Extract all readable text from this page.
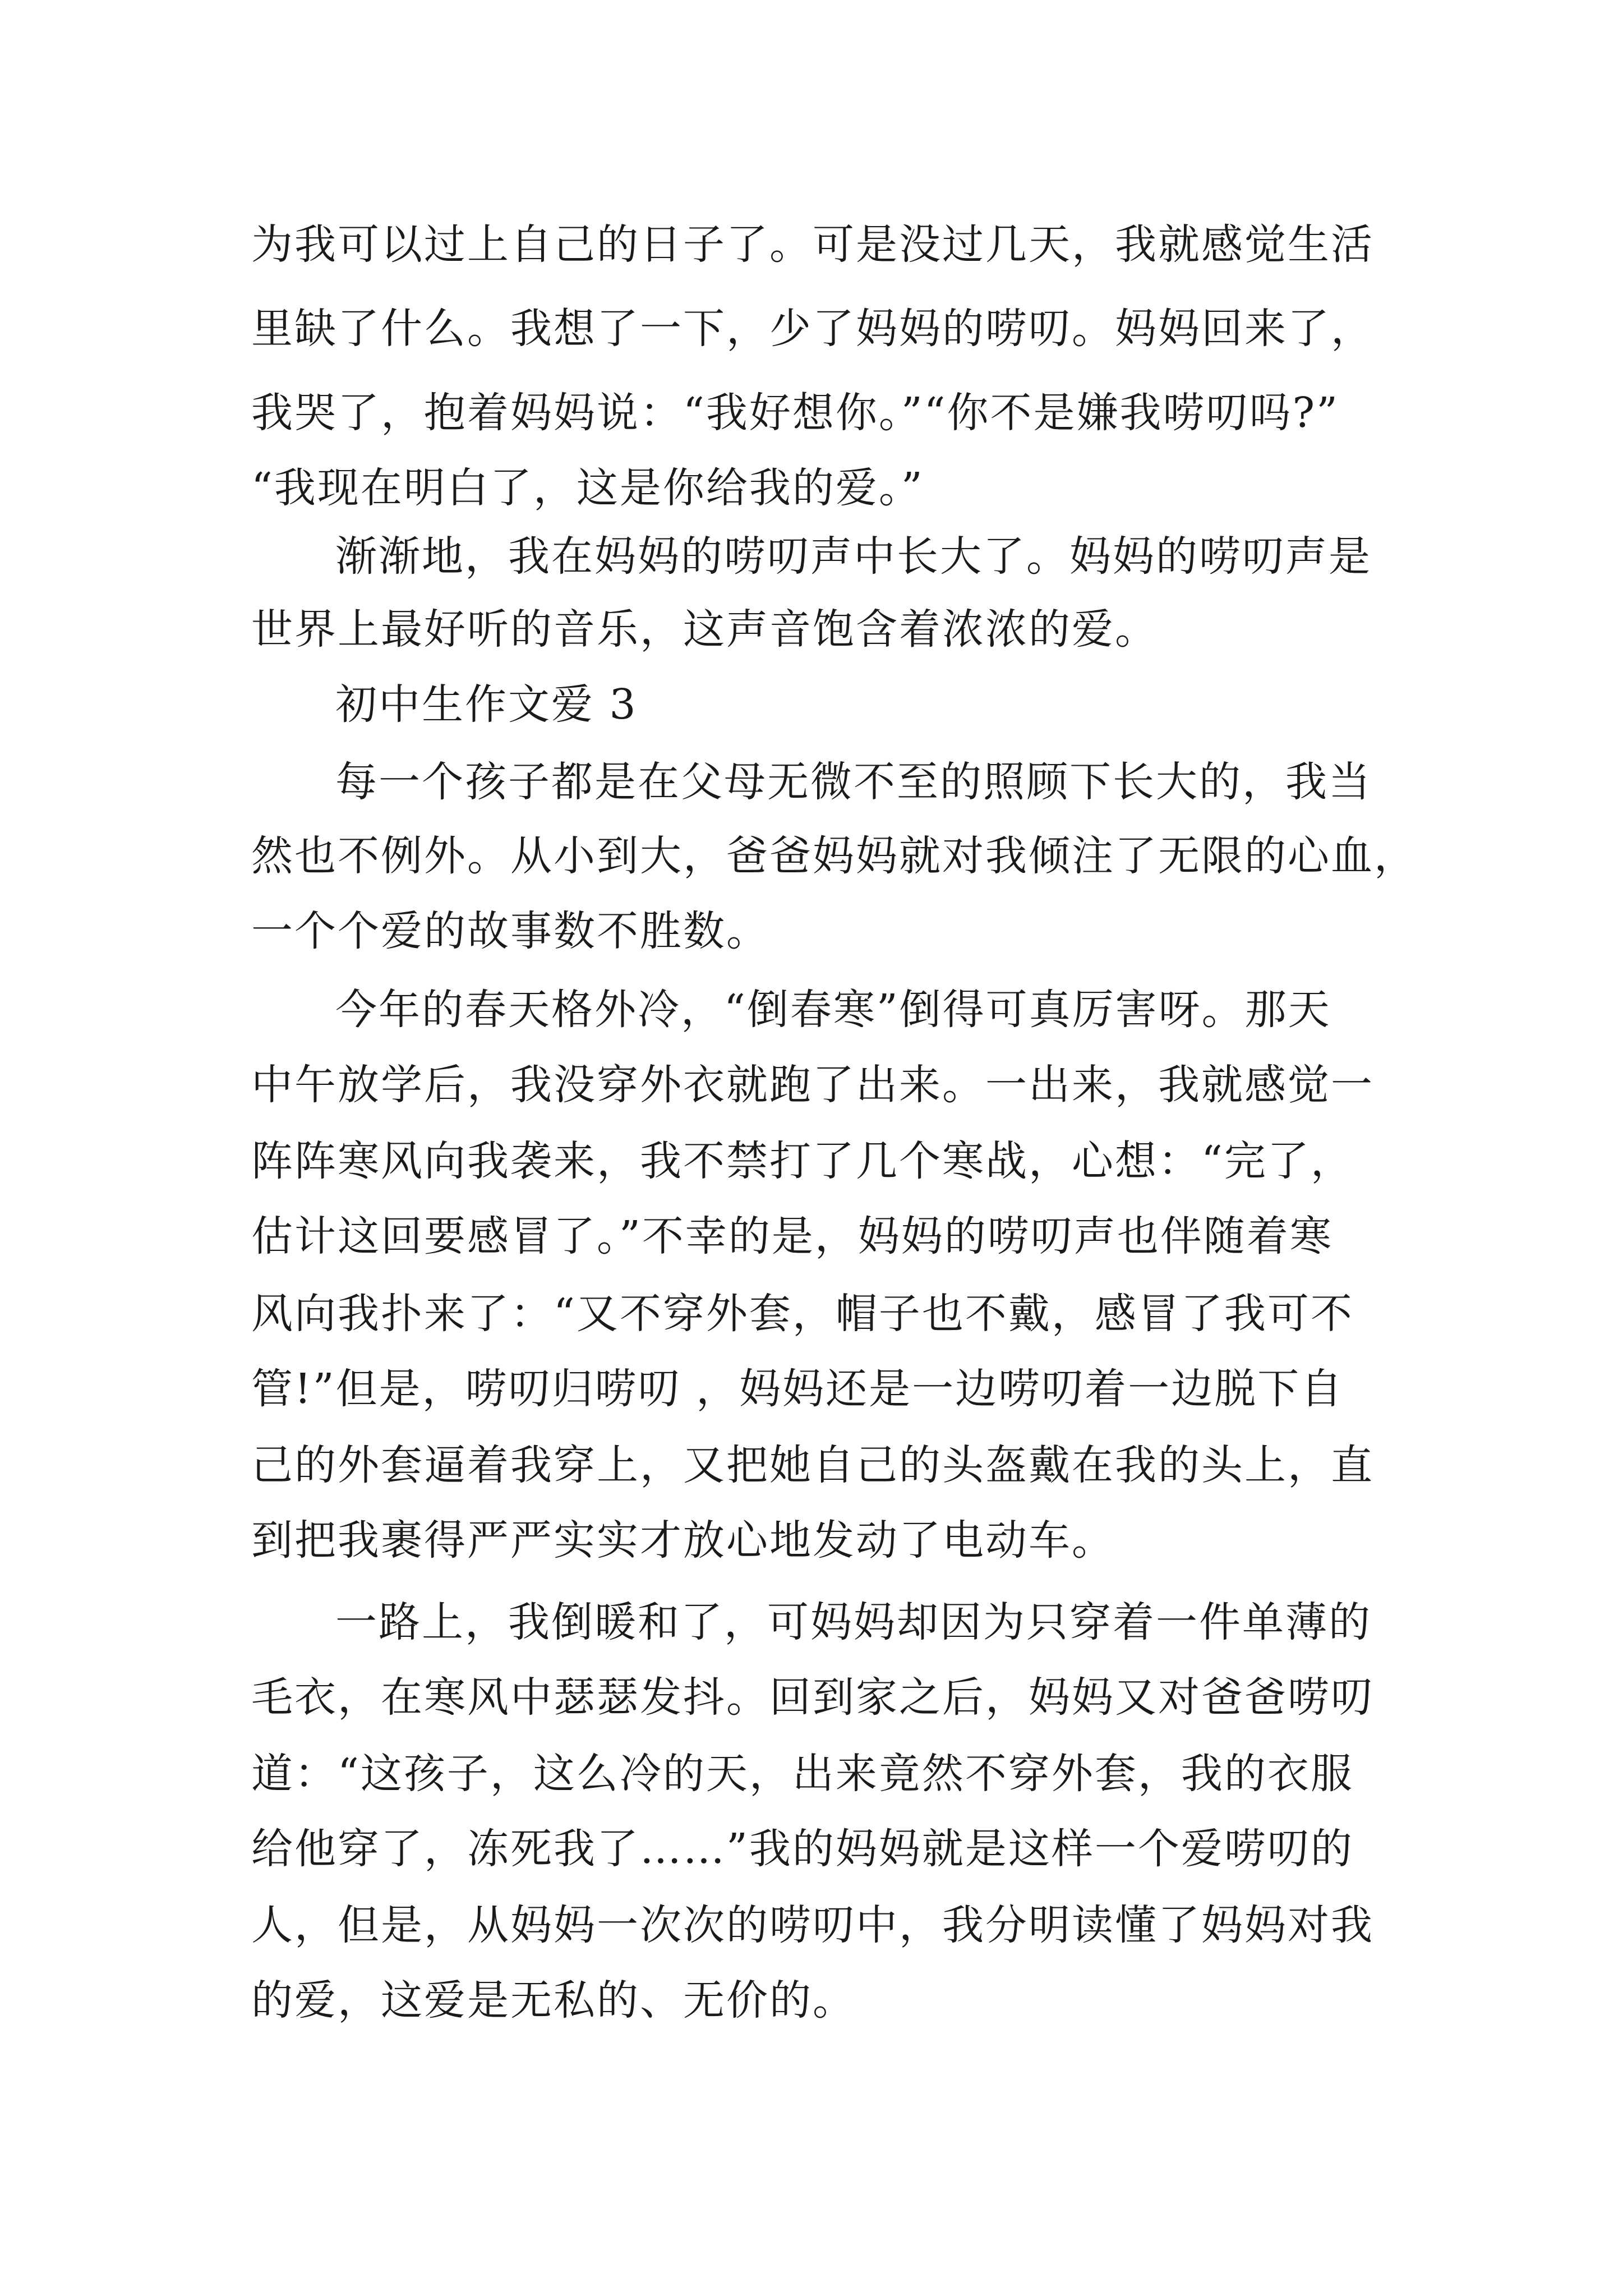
为我可以过上自己的日子了。可是没过几天，我就感觉生活
里缺了什么。我想了一下，少了妈妈的唠叨。妈妈回来了，
我哭了，抱着妈妈说：“我好想你。”“你不是嫌我唠叨吗?”
“我现在明白了，这是你给我的爱。”
渐渐地，我在妈妈的唠叨声中长大了。妈妈的唠叨声是
世界上最好听的音乐，这声音饱含着浓浓的爱。
初中生作文爱 3
每一个孩子都是在父母无微不至的照顾下长大的，我当
然也不例外。从小到大，爸爸妈妈就对我倾注了无限的心血，
一个个爱的故事数不胜数。
今年的春天格外冷，“倒春寒”倒得可真厉害呀。那天
中午放学后，我没穿外衣就跑了出来。一出来，我就感觉一
阵阵寒风向我袭来，我不禁打了几个寒战，心想：“完了，
估计这回要感冒了。”不幸的是，妈妈的唠叨声也伴随着寒
风向我扑来了：“又不穿外套，帽子也不戴，感冒了我可不
管!”但是，唠叨归唠叨 ，妈妈还是一边唠叨着一边脱下自
己的外套逼着我穿上，又把她自己的头盔戴在我的头上，直
到把我裹得严严实实才放心地发动了电动车。
一路上，我倒暖和了，可妈妈却因为只穿着一件单薄的
毛衣，在寒风中瑟瑟发抖。回到家之后，妈妈又对爸爸唠叨
道：“这孩子，这么冷的天，出来竟然不穿外套，我的衣服
给他穿了，冻死我了……”我的妈妈就是这样一个爱唠叨的
人，但是，从妈妈一次次的唠叨中，我分明读懂了妈妈对我
的爱，这爱是无私的、无价的。
